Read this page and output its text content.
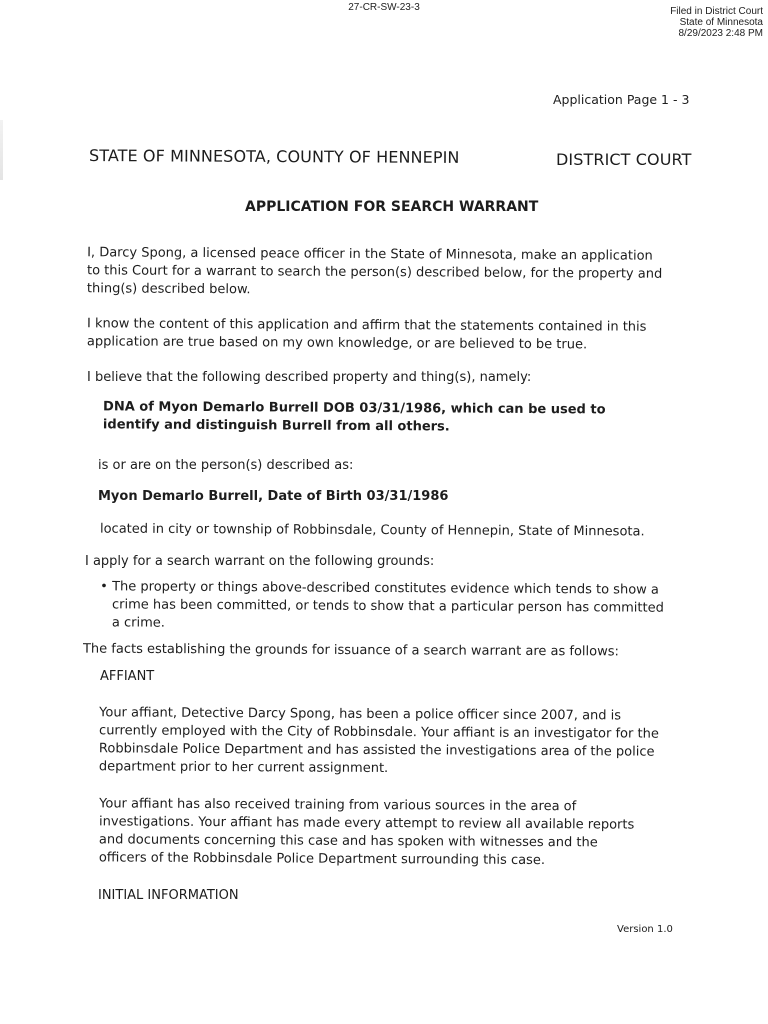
27-CR-SW-23-3	Filed in District Court
State of Minnesota
8/29/2023 2:48 PM
Application Page 1 - 3
STATE OF MINNESOTA, COUNTY OF HENNEPIN	DISTRICT COURT
APPLICATION FOR SEARCH WARRANT

I, Darcy Spong, a licensed peace officer in the State of Minnesota, make an application to this Court for a warrant to search the person(s) described below, for the property and thing(s) described below.

I know the content of this application and affirm that the statements contained in this application are true based on my own knowledge, or are believed to be true.

I believe that the following described property and thing(s), namely:

DNA of Myon Demarlo Burrell DOB 03/31/1986, which can be used to identify and distinguish Burrell from all others.

is or are on the person(s) described as:
Myon Demarlo Burrell, Date of Birth 03/31/1986
located in city or township of Robbinsdale, County of Hennepin, State of Minnesota.
I apply for a search warrant on the following grounds:
• The property or things above-described constitutes evidence which tends to show a crime has been committed, or tends to show that a particular person has committed a crime.
The facts establishing the grounds for issuance of a search warrant are as follows:
AFFIANT

Your affiant, Detective Darcy Spong, has been a police officer since 2007, and is currently employed with the City of Robbinsdale. Your affiant is an investigator for the Robbinsdale Police Department and has assisted the investigations area of the police department prior to her current assignment.

Your affiant has also received training from various sources in the area of investigations. Your affiant has made every attempt to review all available reports and documents concerning this case and has spoken with witnesses and the officers of the Robbinsdale Police Department surrounding this case.

INITIAL INFORMATION
Version 1.0
